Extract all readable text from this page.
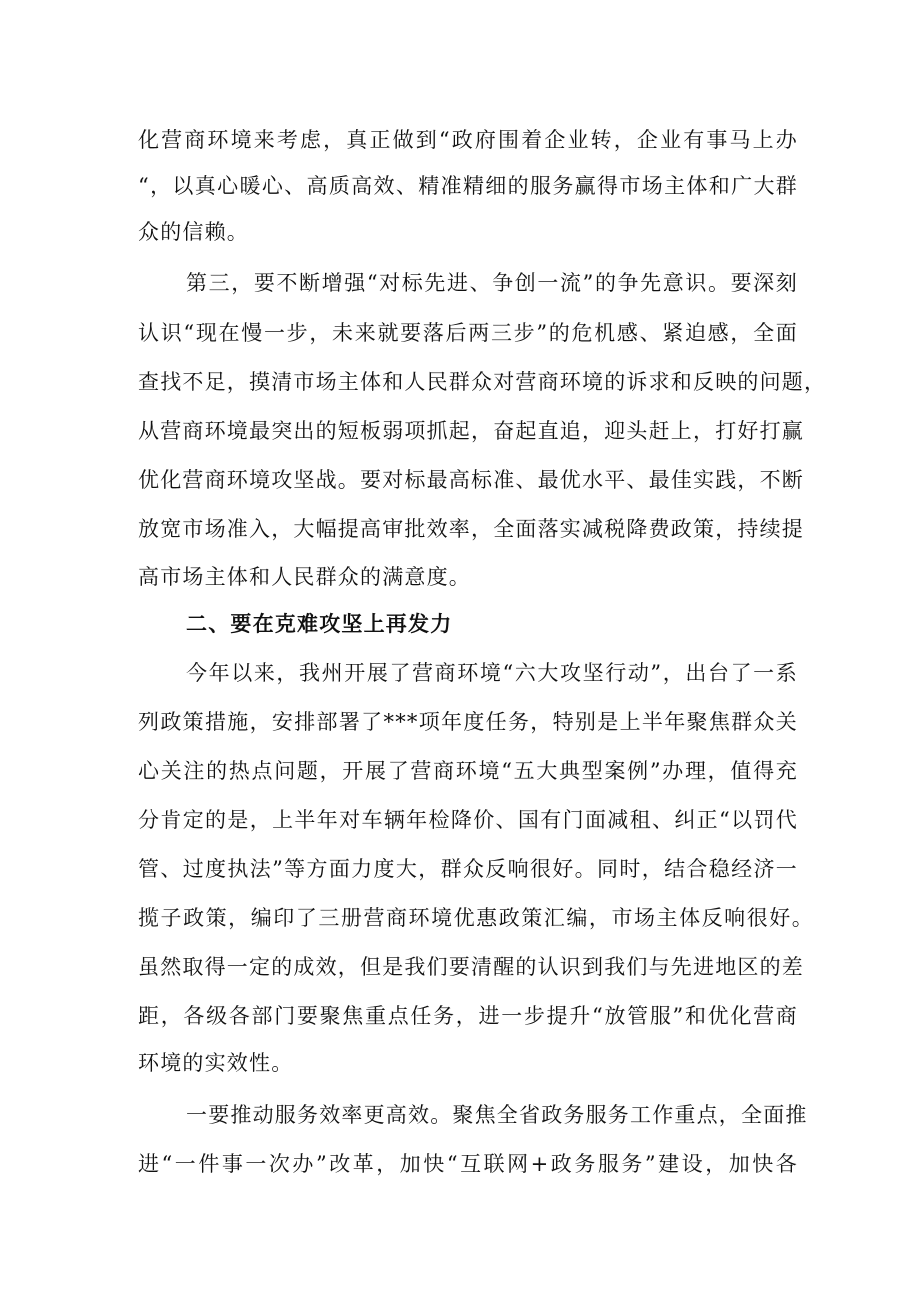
化营商环境来考虑，真正做到“政府围着企业转，企业有事马上办
“，以真心暖心、高质高效、精准精细的服务赢得市场主体和广大群
众的信赖。
第三，要不断增强“对标先进、争创一流”的争先意识。要深刻
认识“现在慢一步，未来就要落后两三步”的危机感、紧迫感，全面
查找不足，摸清市场主体和人民群众对营商环境的诉求和反映的问题，
从营商环境最突出的短板弱项抓起，奋起直追，迎头赶上，打好打赢
优化营商环境攻坚战。要对标最高标准、最优水平、最佳实践，不断
放宽市场准入，大幅提高审批效率，全面落实减税降费政策，持续提
高市场主体和人民群众的满意度。
二、要在克难攻坚上再发力
今年以来，我州开展了营商环境“六大攻坚行动”，出台了一系
列政策措施，安排部署了***项年度任务，特别是上半年聚焦群众关
心关注的热点问题，开展了营商环境“五大典型案例”办理，值得充
分肯定的是，上半年对车辆年检降价、国有门面减租、纠正“以罚代
管、过度执法”等方面力度大，群众反响很好。同时，结合稳经济一
揽子政策，编印了三册营商环境优惠政策汇编，市场主体反响很好。
虽然取得一定的成效，但是我们要清醒的认识到我们与先进地区的差
距，各级各部门要聚焦重点任务，进一步提升“放管服”和优化营商
环境的实效性。
一要推动服务效率更高效。聚焦全省政务服务工作重点，全面推
进“一件事一次办”改革，加快“互联网+政务服务”建设，加快各
